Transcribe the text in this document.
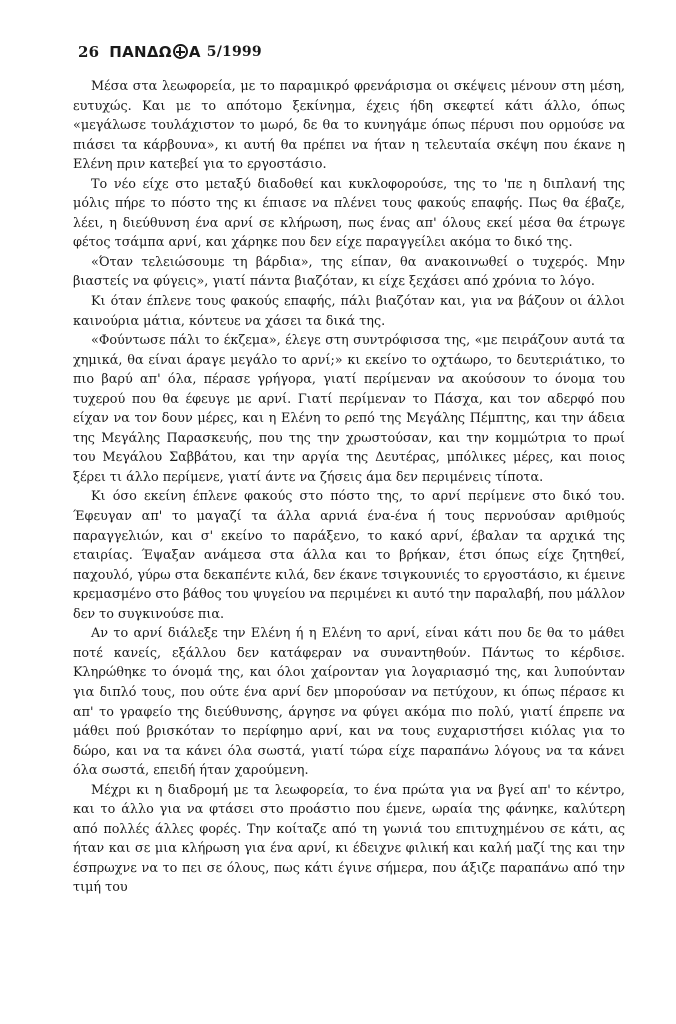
26 ΠΑΝΔΩ Α 5/1999

Μέσα στα λεωφορεία, με το παραμικρό φρενάρισμα οι σκέψεις μένουν στη μέση, ευτυχώς. Και με το απότομο ξεκίνημα, έχεις ήδη σκεφτεί κάτι άλλο, όπως «μεγάλωσε τουλάχιστον το μωρό, δε θα το κυνηγάμε όπως πέρυσι που ορμούσε να πιάσει τα κάρβουνα», κι αυτή θα πρέπει να ήταν η τελευταία σκέψη που έκανε η Ελένη πριν κατεβεί για το εργοστάσιο.

Το νέο είχε στο μεταξύ διαδοθεί και κυκλοφορούσε, της το 'πε η διπλανή της μόλις πήρε το πόστο της κι έπιασε να πλένει τους φακούς επαφής. Πως θα έβαζε, λέει, η διεύθυνση ένα αρνί σε κλήρωση, πως ένας απ' όλους εκεί μέσα θα έτρωγε φέτος τσάμπα αρνί, και χάρηκε που δεν είχε παραγγείλει ακόμα το δικό της.

«Όταν τελειώσουμε τη βάρδια», της είπαν, θα ανακοινωθεί ο τυχερός. Μην βιαστείς να φύγεις», γιατί πάντα βιαζόταν, κι είχε ξεχάσει από χρόνια το λόγο.

Κι όταν έπλενε τους φακούς επαφής, πάλι βιαζόταν και, για να βάζουν οι άλλοι καινούρια μάτια, κόντευε να χάσει τα δικά της.

«Φούντωσε πάλι το έκζεμα», έλεγε στη συντρόφισσα της, «με πειράζουν αυτά τα χημικά, θα είναι άραγε μεγάλο το αρνί;» κι εκείνο το οχτάωρο, το δευτεριάτικο, το πιο βαρύ απ' όλα, πέρασε γρήγορα, γιατί περίμεναν να ακούσουν το όνομα του τυχερού που θα έφευγε με αρνί. Γιατί περίμεναν το Πάσχα, και τον αδερφό που είχαν να τον δουν μέρες, και η Ελένη το ρεπό της Μεγάλης Πέμπτης, και την άδεια της Μεγάλης Παρασκευής, που της την χρωστούσαν, και την κομμώτρια το πρωί του Μεγάλου Σαββάτου, και την αργία της Δευτέρας, μπόλικες μέρες, και ποιος ξέρει τι άλλο περίμενε, γιατί άντε να ζήσεις άμα δεν περιμένεις τίποτα.

Κι όσο εκείνη έπλενε φακούς στο πόστο της, το αρνί περίμενε στο δικό του. Έφευγαν απ' το μαγαζί τα άλλα αρνιά ένα-ένα ή τους περνούσαν αριθμούς παραγγελιών, και σ' εκείνο το παράξενο, το κακό αρνί, έβαλαν τα αρχικά της εταιρίας. Έψαξαν ανάμεσα στα άλλα και το βρήκαν, έτσι όπως είχε ζητηθεί, παχουλό, γύρω στα δεκαπέντε κιλά, δεν έκανε τσιγκουνιές το εργοστάσιο, κι έμεινε κρεμασμένο στο βάθος του ψυγείου να περιμένει κι αυτό την παραλαβή, που μάλλον δεν το συγκινούσε πια.

Αν το αρνί διάλεξε την Ελένη ή η Ελένη το αρνί, είναι κάτι που δε θα το μάθει ποτέ κανείς, εξάλλου δεν κατάφεραν να συναντηθούν. Πάντως το κέρδισε. Κληρώθηκε το όνομά της, και όλοι χαίρονταν για λογαριασμό της, και λυπούνταν για διπλό τους, που ούτε ένα αρνί δεν μπορούσαν να πετύχουν, κι όπως πέρασε κι απ' το γραφείο της διεύθυνσης, άργησε να φύγει ακόμα πιο πολύ, γιατί έπρεπε να μάθει πού βρισκόταν το περίφημο αρνί, και να τους ευχαριστήσει κιόλας για το δώρο, και να τα κάνει όλα σωστά, γιατί τώρα είχε παραπάνω λόγους να τα κάνει όλα σωστά, επειδή ήταν χαρούμενη.

Μέχρι κι η διαδρομή με τα λεωφορεία, το ένα πρώτα για να βγεί απ' το κέντρο, και το άλλο για να φτάσει στο προάστιο που έμενε, ωραία της φάνηκε, καλύτερη από πολλές άλλες φορές. Την κοίταζε από τη γωνιά του επιτυχημένου σε κάτι, ας ήταν και σε μια κλήρωση για ένα αρνί, κι έδειχνε φιλική και καλή μαζί της και την έσπρωχνε να το πει σε όλους, πως κάτι έγινε σήμερα, που άξιζε παραπάνω από την τιμή του
